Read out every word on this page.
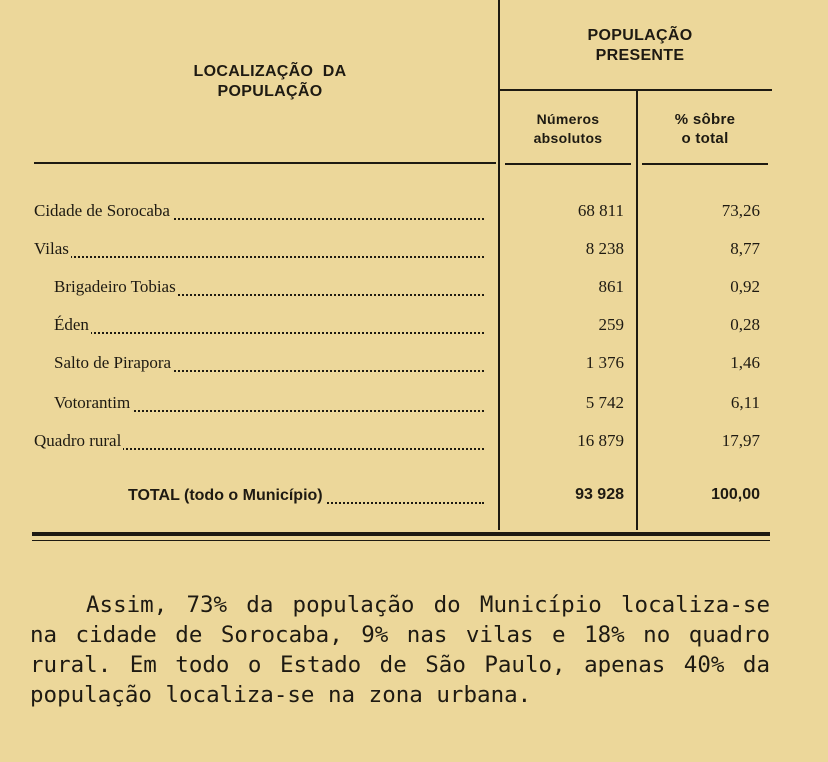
LOCALIZAÇÃO  DA
POPULAÇÃO
POPULAÇÃO
PRESENTE
Números
absolutos
% sôbre
o total
Cidade de Sorocaba	68 811	73,26
Vilas	8 238	8,77
Brigadeiro Tobias	861	0,92
Éden	259	0,28
Salto de Pirapora	1 376	1,46
Votorantim	5 742	6,11
Quadro rural	16 879	17,97
TOTAL (todo o Município)	93 928	100,00

Assim, 73% da população do Município localiza-se na cidade de Sorocaba, 9% nas vilas e 18% no quadro rural. Em todo o Estado de São Paulo, apenas 40% da população localiza-se na zona urbana.
